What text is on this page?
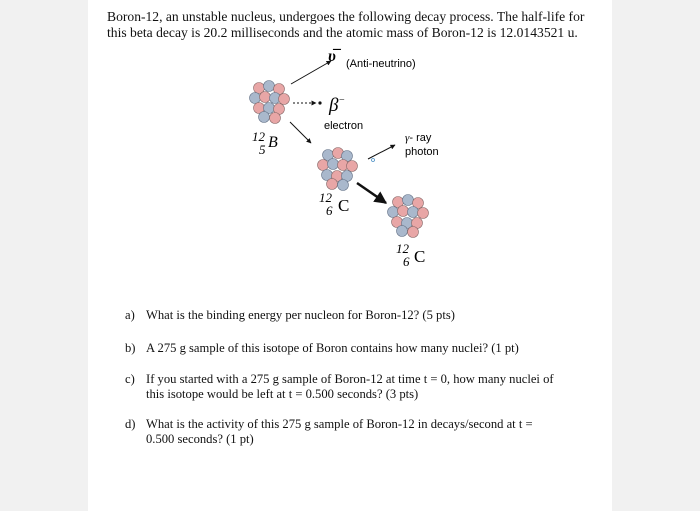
Boron-12, an unstable nucleus, undergoes the following decay process. The half-life for

this beta decay is 20.2 milliseconds and the atomic mass of Boron-12 is 12.0143521 u.

υ̅ (Anti-neutrino)
β−
electron
12
5 B	γ- ray
photon
12
6 C
12
6 C
a) What is the binding energy per nucleon for Boron-12? (5 pts)
b) A 275 g sample of this isotope of Boron contains how many nuclei? (1 pt)
c) If you started with a 275 g sample of Boron-12 at time t = 0, how many nuclei of
this isotope would be left at t = 0.500 seconds? (3 pts)
d) What is the activity of this 275 g sample of Boron-12 in decays/second at t =
0.500 seconds? (1 pt)
